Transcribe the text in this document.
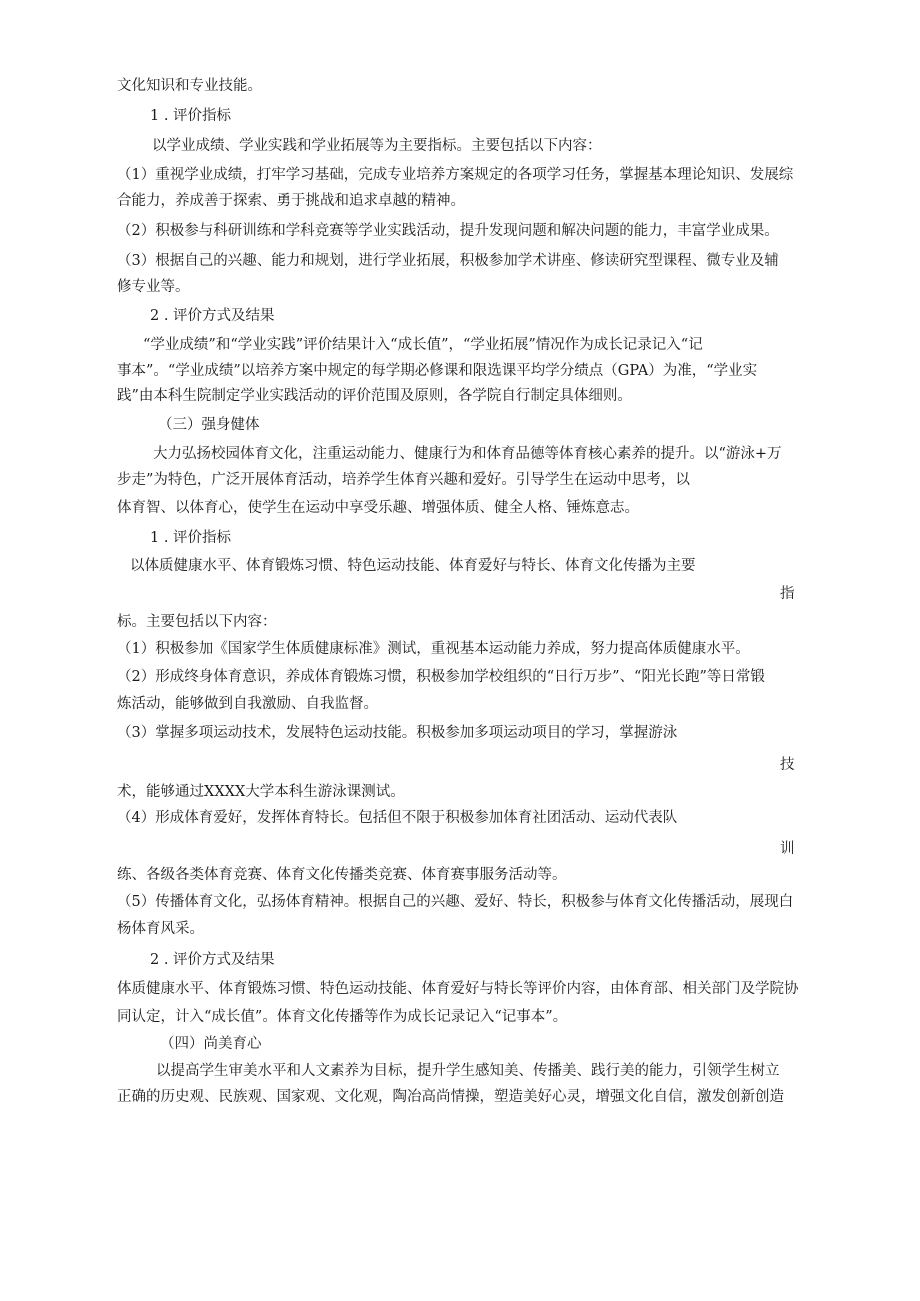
文化知识和专业技能。
1 . 评价指标
以学业成绩、学业实践和学业拓展等为主要指标。主要包括以下内容：
（1）重视学业成绩，打牢学习基础，完成专业培养方案规定的各项学习任务，掌握基本理论知识、发展综
合能力，养成善于探索、勇于挑战和追求卓越的精神。
（2）积极参与科研训练和学科竞赛等学业实践活动，提升发现问题和解决问题的能力，丰富学业成果。
（3）根据自己的兴趣、能力和规划，进行学业拓展，积极参加学术讲座、修读研究型课程、微专业及辅
修专业等。
2 . 评价方式及结果
“学业成绩”和“学业实践”评价结果计入“成长值”，“学业拓展”情况作为成长记录记入“记
事本”。“学业成绩”以培养方案中规定的每学期必修课和限选课平均学分绩点（GPA）为准，“学业实
践”由本科生院制定学业实践活动的评价范围及原则，各学院自行制定具体细则。
（三）强身健体
大力弘扬校园体育文化，注重运动能力、健康行为和体育品德等体育核心素养的提升。以“游泳+万
步走”为特色，广泛开展体育活动，培养学生体育兴趣和爱好。引导学生在运动中思考，以
体育智、以体育心，使学生在运动中享受乐趣、增强体质、健全人格、锤炼意志。
1 . 评价指标
以体质健康水平、体育锻炼习惯、特色运动技能、体育爱好与特长、体育文化传播为主要
指
标。主要包括以下内容：
（1）积极参加《国家学生体质健康标准》测试，重视基本运动能力养成，努力提高体质健康水平。
（2）形成终身体育意识，养成体育锻炼习惯，积极参加学校组织的“日行万步”、“阳光长跑”等日常锻
炼活动，能够做到自我激励、自我监督。
（3）掌握多项运动技术，发展特色运动技能。积极参加多项运动项目的学习，掌握游泳
技
术，能够通过XXXX大学本科生游泳课测试。
（4）形成体育爱好，发挥体育特长。包括但不限于积极参加体育社团活动、运动代表队
训
练、各级各类体育竞赛、体育文化传播类竞赛、体育赛事服务活动等。
（5）传播体育文化，弘扬体育精神。根据自己的兴趣、爱好、特长，积极参与体育文化传播活动，展现白
杨体育风采。
2 . 评价方式及结果
体质健康水平、体育锻炼习惯、特色运动技能、体育爱好与特长等评价内容，由体育部、相关部门及学院协
同认定，计入“成长值”。体育文化传播等作为成长记录记入“记事本”。
（四）尚美育心
以提高学生审美水平和人文素养为目标，提升学生感知美、传播美、践行美的能力，引领学生树立
正确的历史观、民族观、国家观、文化观，陶冶高尚情操，塑造美好心灵，增强文化自信，激发创新创造
